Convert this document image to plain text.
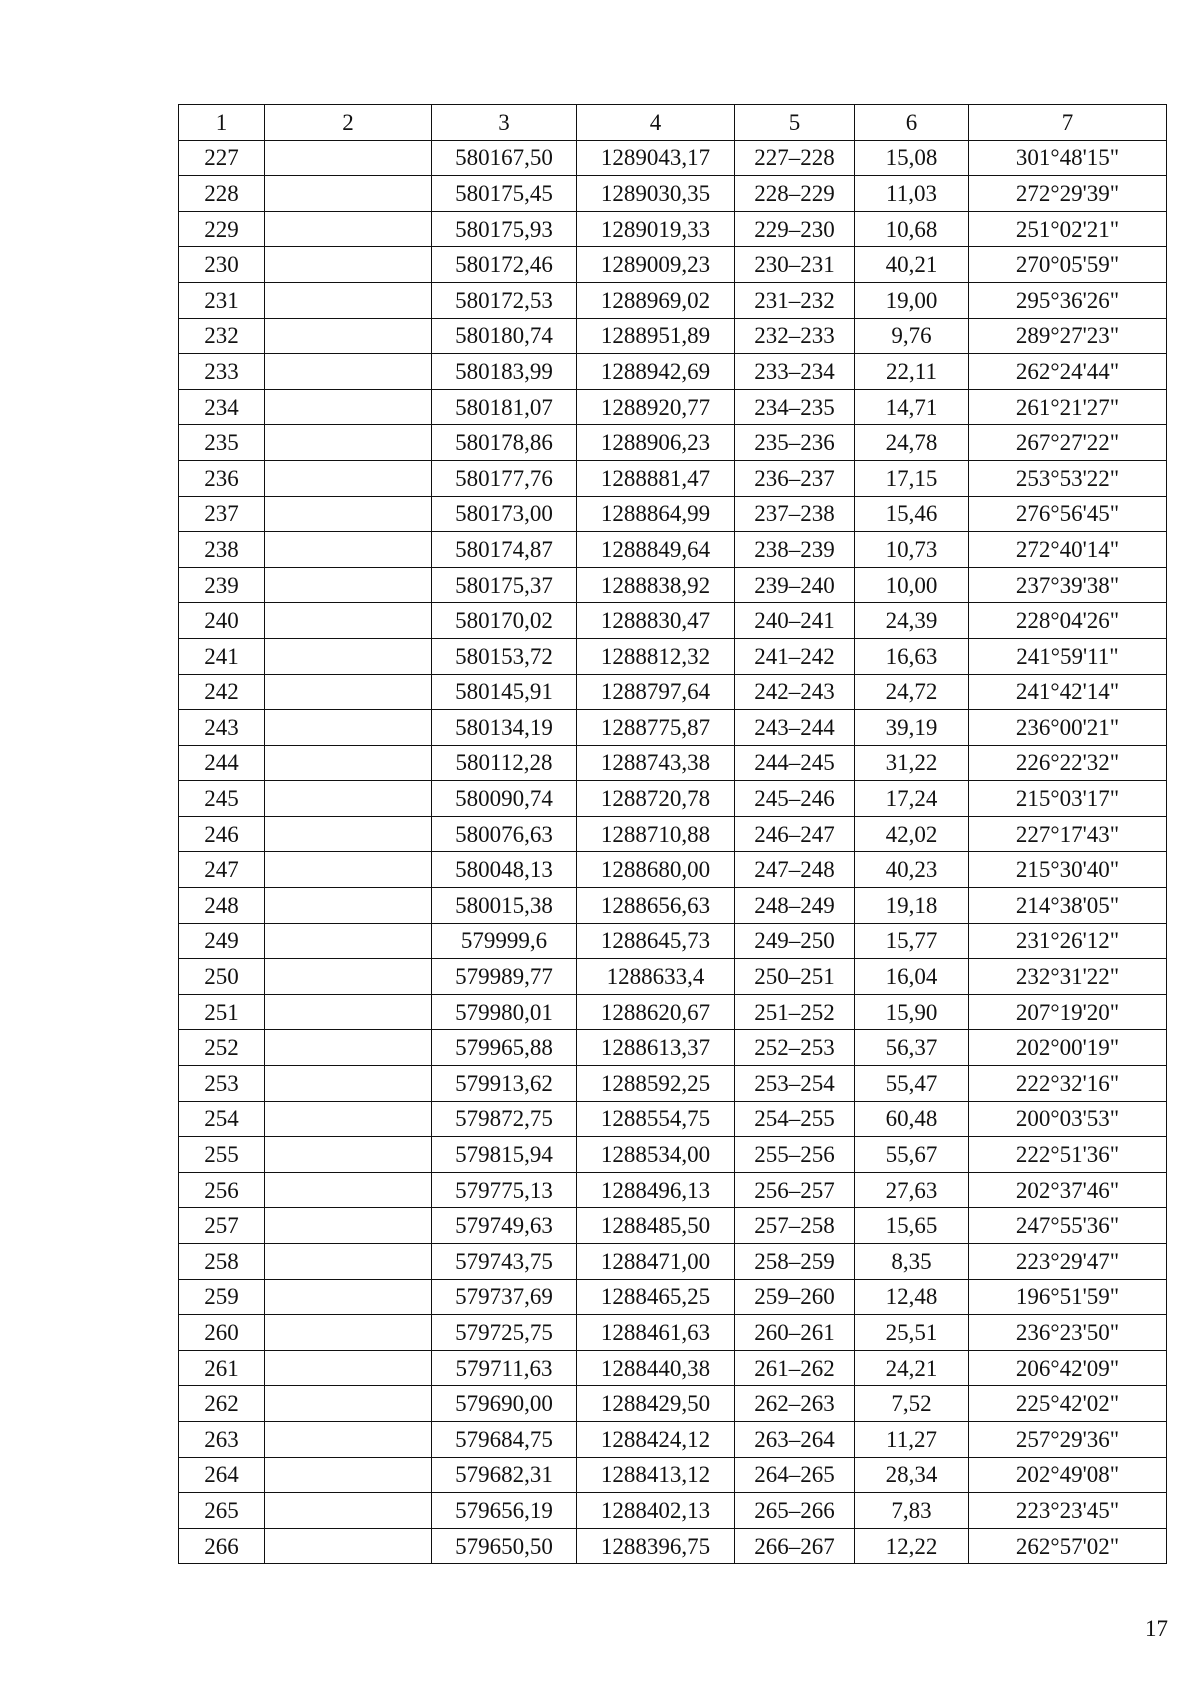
1	2	3	4	5	6	7
227		580167,50	1289043,17	227–228	15,08	301°48'15"
228		580175,45	1289030,35	228–229	11,03	272°29'39"
229		580175,93	1289019,33	229–230	10,68	251°02'21"
230		580172,46	1289009,23	230–231	40,21	270°05'59"
231		580172,53	1288969,02	231–232	19,00	295°36'26"
232		580180,74	1288951,89	232–233	9,76	289°27'23"
233		580183,99	1288942,69	233–234	22,11	262°24'44"
234		580181,07	1288920,77	234–235	14,71	261°21'27"
235		580178,86	1288906,23	235–236	24,78	267°27'22"
236		580177,76	1288881,47	236–237	17,15	253°53'22"
237		580173,00	1288864,99	237–238	15,46	276°56'45"
238		580174,87	1288849,64	238–239	10,73	272°40'14"
239		580175,37	1288838,92	239–240	10,00	237°39'38"
240		580170,02	1288830,47	240–241	24,39	228°04'26"
241		580153,72	1288812,32	241–242	16,63	241°59'11"
242		580145,91	1288797,64	242–243	24,72	241°42'14"
243		580134,19	1288775,87	243–244	39,19	236°00'21"
244		580112,28	1288743,38	244–245	31,22	226°22'32"
245		580090,74	1288720,78	245–246	17,24	215°03'17"
246		580076,63	1288710,88	246–247	42,02	227°17'43"
247		580048,13	1288680,00	247–248	40,23	215°30'40"
248		580015,38	1288656,63	248–249	19,18	214°38'05"
249		579999,6	1288645,73	249–250	15,77	231°26'12"
250		579989,77	1288633,4	250–251	16,04	232°31'22"
251		579980,01	1288620,67	251–252	15,90	207°19'20"
252		579965,88	1288613,37	252–253	56,37	202°00'19"
253		579913,62	1288592,25	253–254	55,47	222°32'16"
254		579872,75	1288554,75	254–255	60,48	200°03'53"
255		579815,94	1288534,00	255–256	55,67	222°51'36"
256		579775,13	1288496,13	256–257	27,63	202°37'46"
257		579749,63	1288485,50	257–258	15,65	247°55'36"
258		579743,75	1288471,00	258–259	8,35	223°29'47"
259		579737,69	1288465,25	259–260	12,48	196°51'59"
260		579725,75	1288461,63	260–261	25,51	236°23'50"
261		579711,63	1288440,38	261–262	24,21	206°42'09"
262		579690,00	1288429,50	262–263	7,52	225°42'02"
263		579684,75	1288424,12	263–264	11,27	257°29'36"
264		579682,31	1288413,12	264–265	28,34	202°49'08"
265		579656,19	1288402,13	265–266	7,83	223°23'45"
266		579650,50	1288396,75	266–267	12,22	262°57'02"
17
